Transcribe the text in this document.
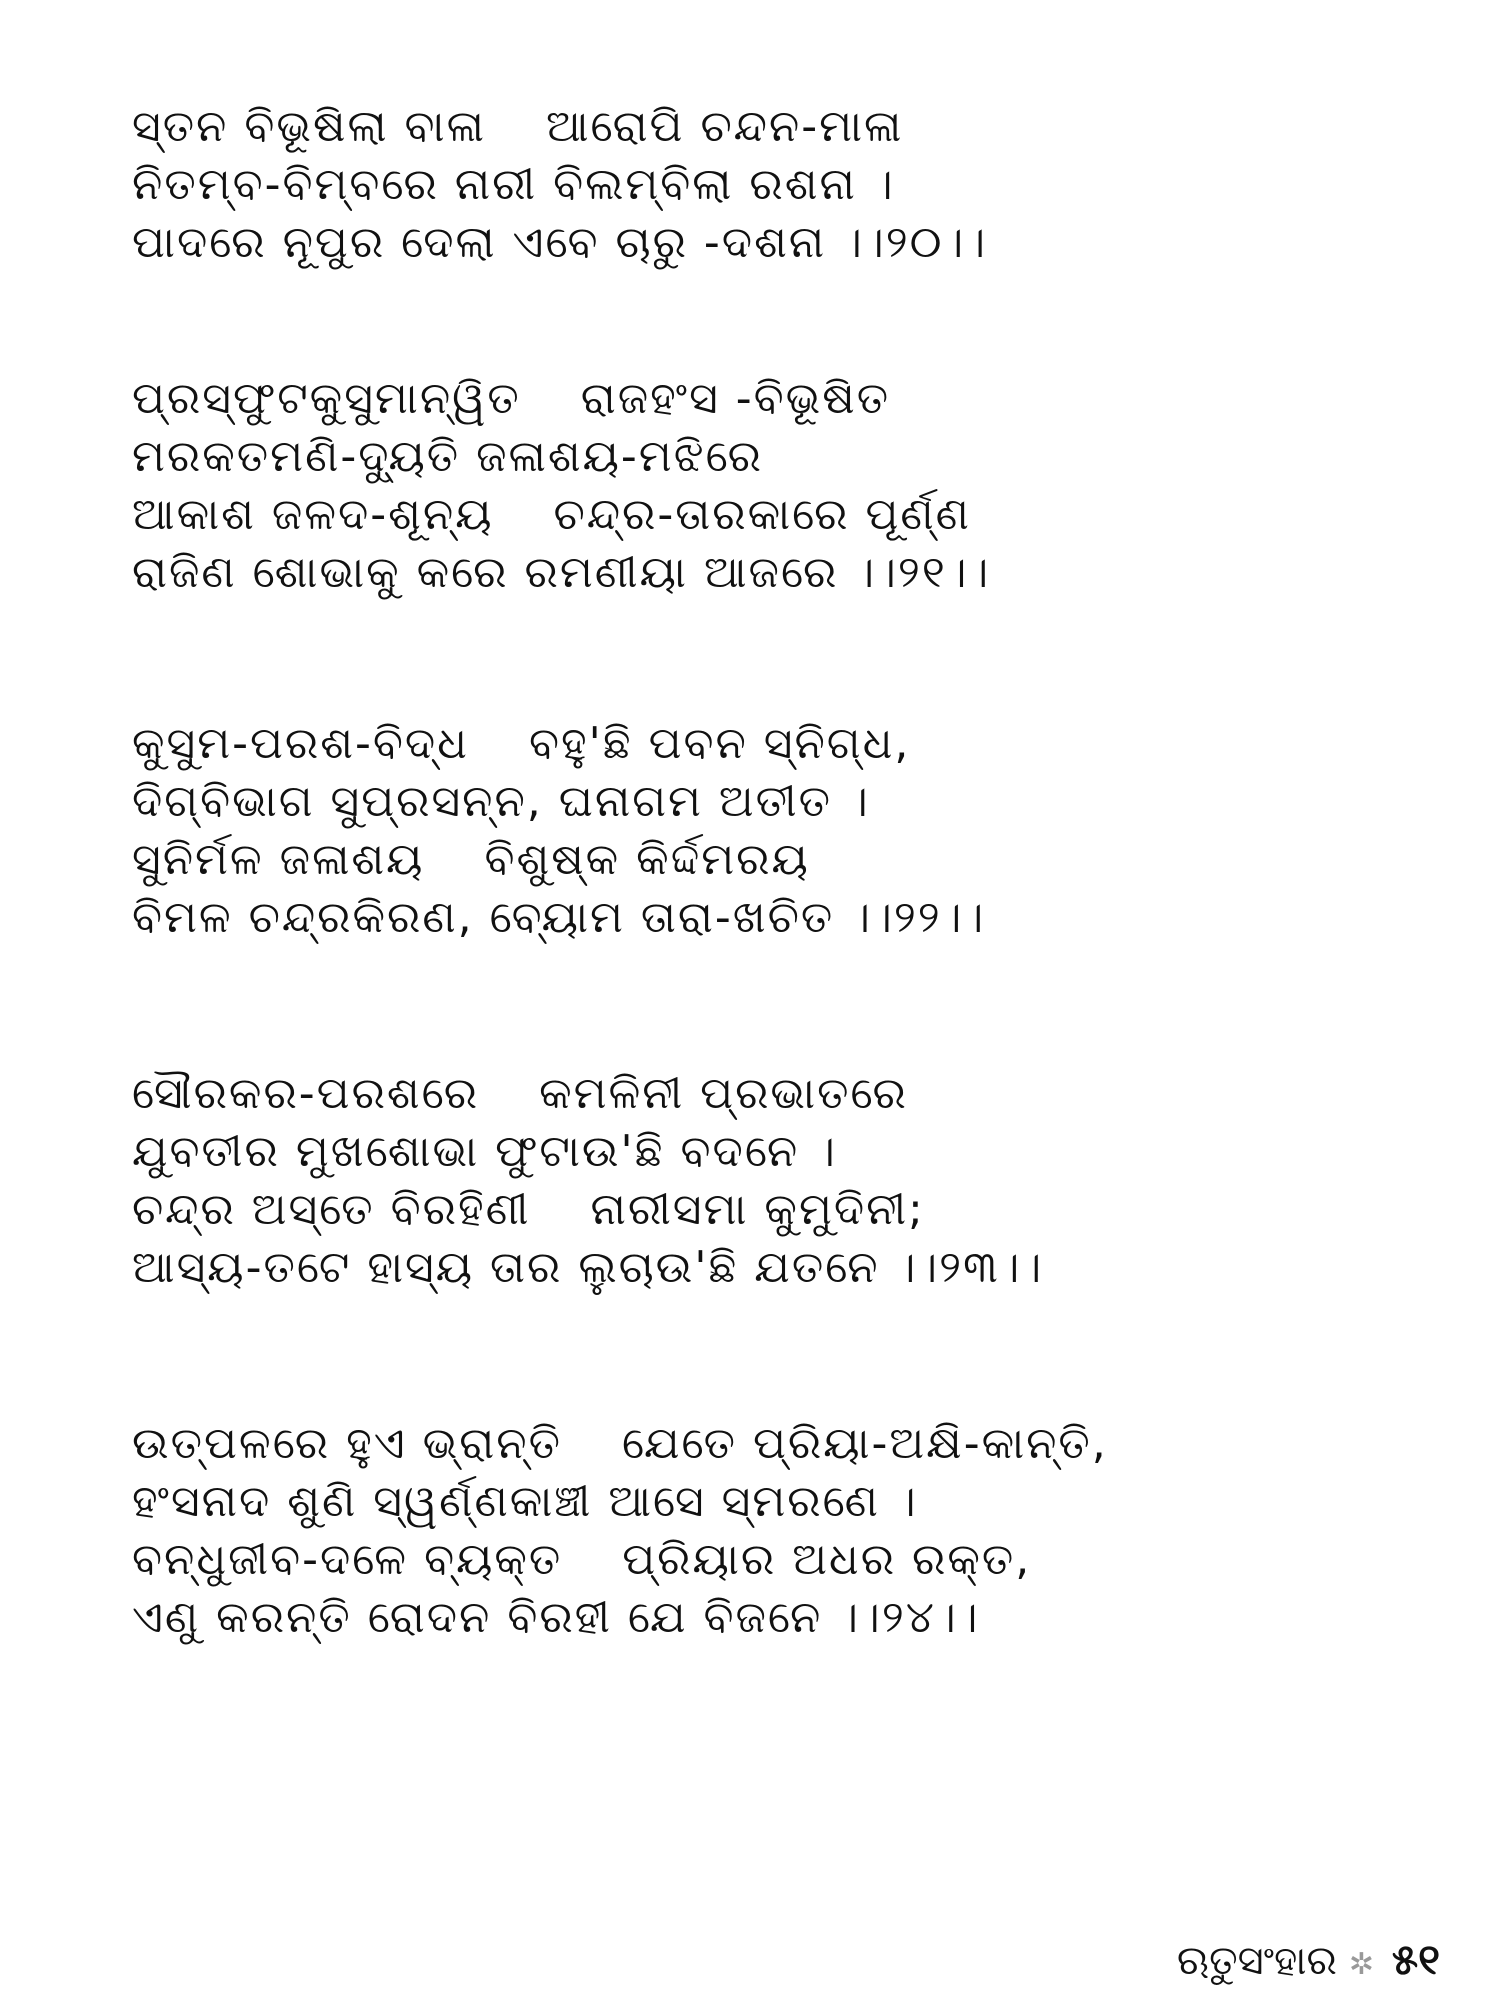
ସ୍ତନ ବିଭୂଷିଲା ବାଳା ଆରୋପି ଚନ୍ଦନ-ମାଳା
ନିତମ୍ବ-ବିମ୍ବରେ ନାରୀ ବିଲମ୍ବିଲା ରଶନା ।
ପାଦରେ ନୂପୁର ଦେଲା ଏବେ ଚାରୁ -ଦଶନା ।।୨୦।।
ପ୍ରସ୍ଫୁଟକୁସୁମାନ୍ୱିତ ରାଜହଂସ -ବିଭୂଷିତ
ମରକତମଣି-ଦ୍ୟୁତି ଜଳାଶୟ-ମଝିରେ
ଆକାଶ ଜଳଦ-ଶୂନ୍ୟ ଚନ୍ଦ୍ର-ତାରକାରେ ପୂର୍ଣ୍ଣ
ରାଜିଣ ଶୋଭାକୁ କରେ ରମଣୀୟା ଆଜରେ ।।୨୧।।
କୁସୁମ-ପରଶ-ବିଦ୍ଧ ବହୁ'ଛି ପବନ ସ୍ନିଗ୍ଧ,
ଦିଗ୍‌ବିଭାଗ ସୁପ୍ରସନ୍ନ, ଘନାଗମ ଅତୀତ ।
ସୁନିର୍ମଳ ଜଳାଶୟ ବିଶୁଷ୍କ କିର୍ଦ୍ଦମରୟ
ବିମଳ ଚନ୍ଦ୍ରକିରଣ, ବ୍ୟୋମ ତାରା-ଖଚିତ ।।୨୨।।
ସୌରକର-ପରଶରେ କମଳିନୀ ପ୍ରଭାତରେ
ଯୁବତୀର ମୁଖଶୋଭା ଫୁଟାଉ'ଛି ବଦନେ ।
ଚନ୍ଦ୍ର ଅସ୍ତେ ବିରହିଣୀ ନାରୀସମା କୁମୁଦିନୀ;
ଆସ୍ୟ-ତଟେ ହାସ୍ୟ ତାର ଲୁଚାଉ'ଛି ଯତନେ ।।୨୩।।
ଉତ୍ପଳରେ ହୁଏ ଭ୍ରାନ୍ତି ଯେତେ ପ୍ରିୟା-ଅକ୍ଷି-କାନ୍ତି,
ହଂସନାଦ ଶୁଣି ସ୍ୱର୍ଣ୍ଣକାଞ୍ଚୀ ଆସେ ସ୍ମରଣେ ।
ବନ୍ଧୁଜୀବ-ଦଳେ ବ୍ୟକ୍ତ ପ୍ରିୟାର ଅଧର ରକ୍ତ,
ଏଣୁ କରନ୍ତି ରୋଦନ ବିରହୀ ଯେ ବିଜନେ ।।୨୪।।
ଋତୁସଂହାର ✲ ୫୧
